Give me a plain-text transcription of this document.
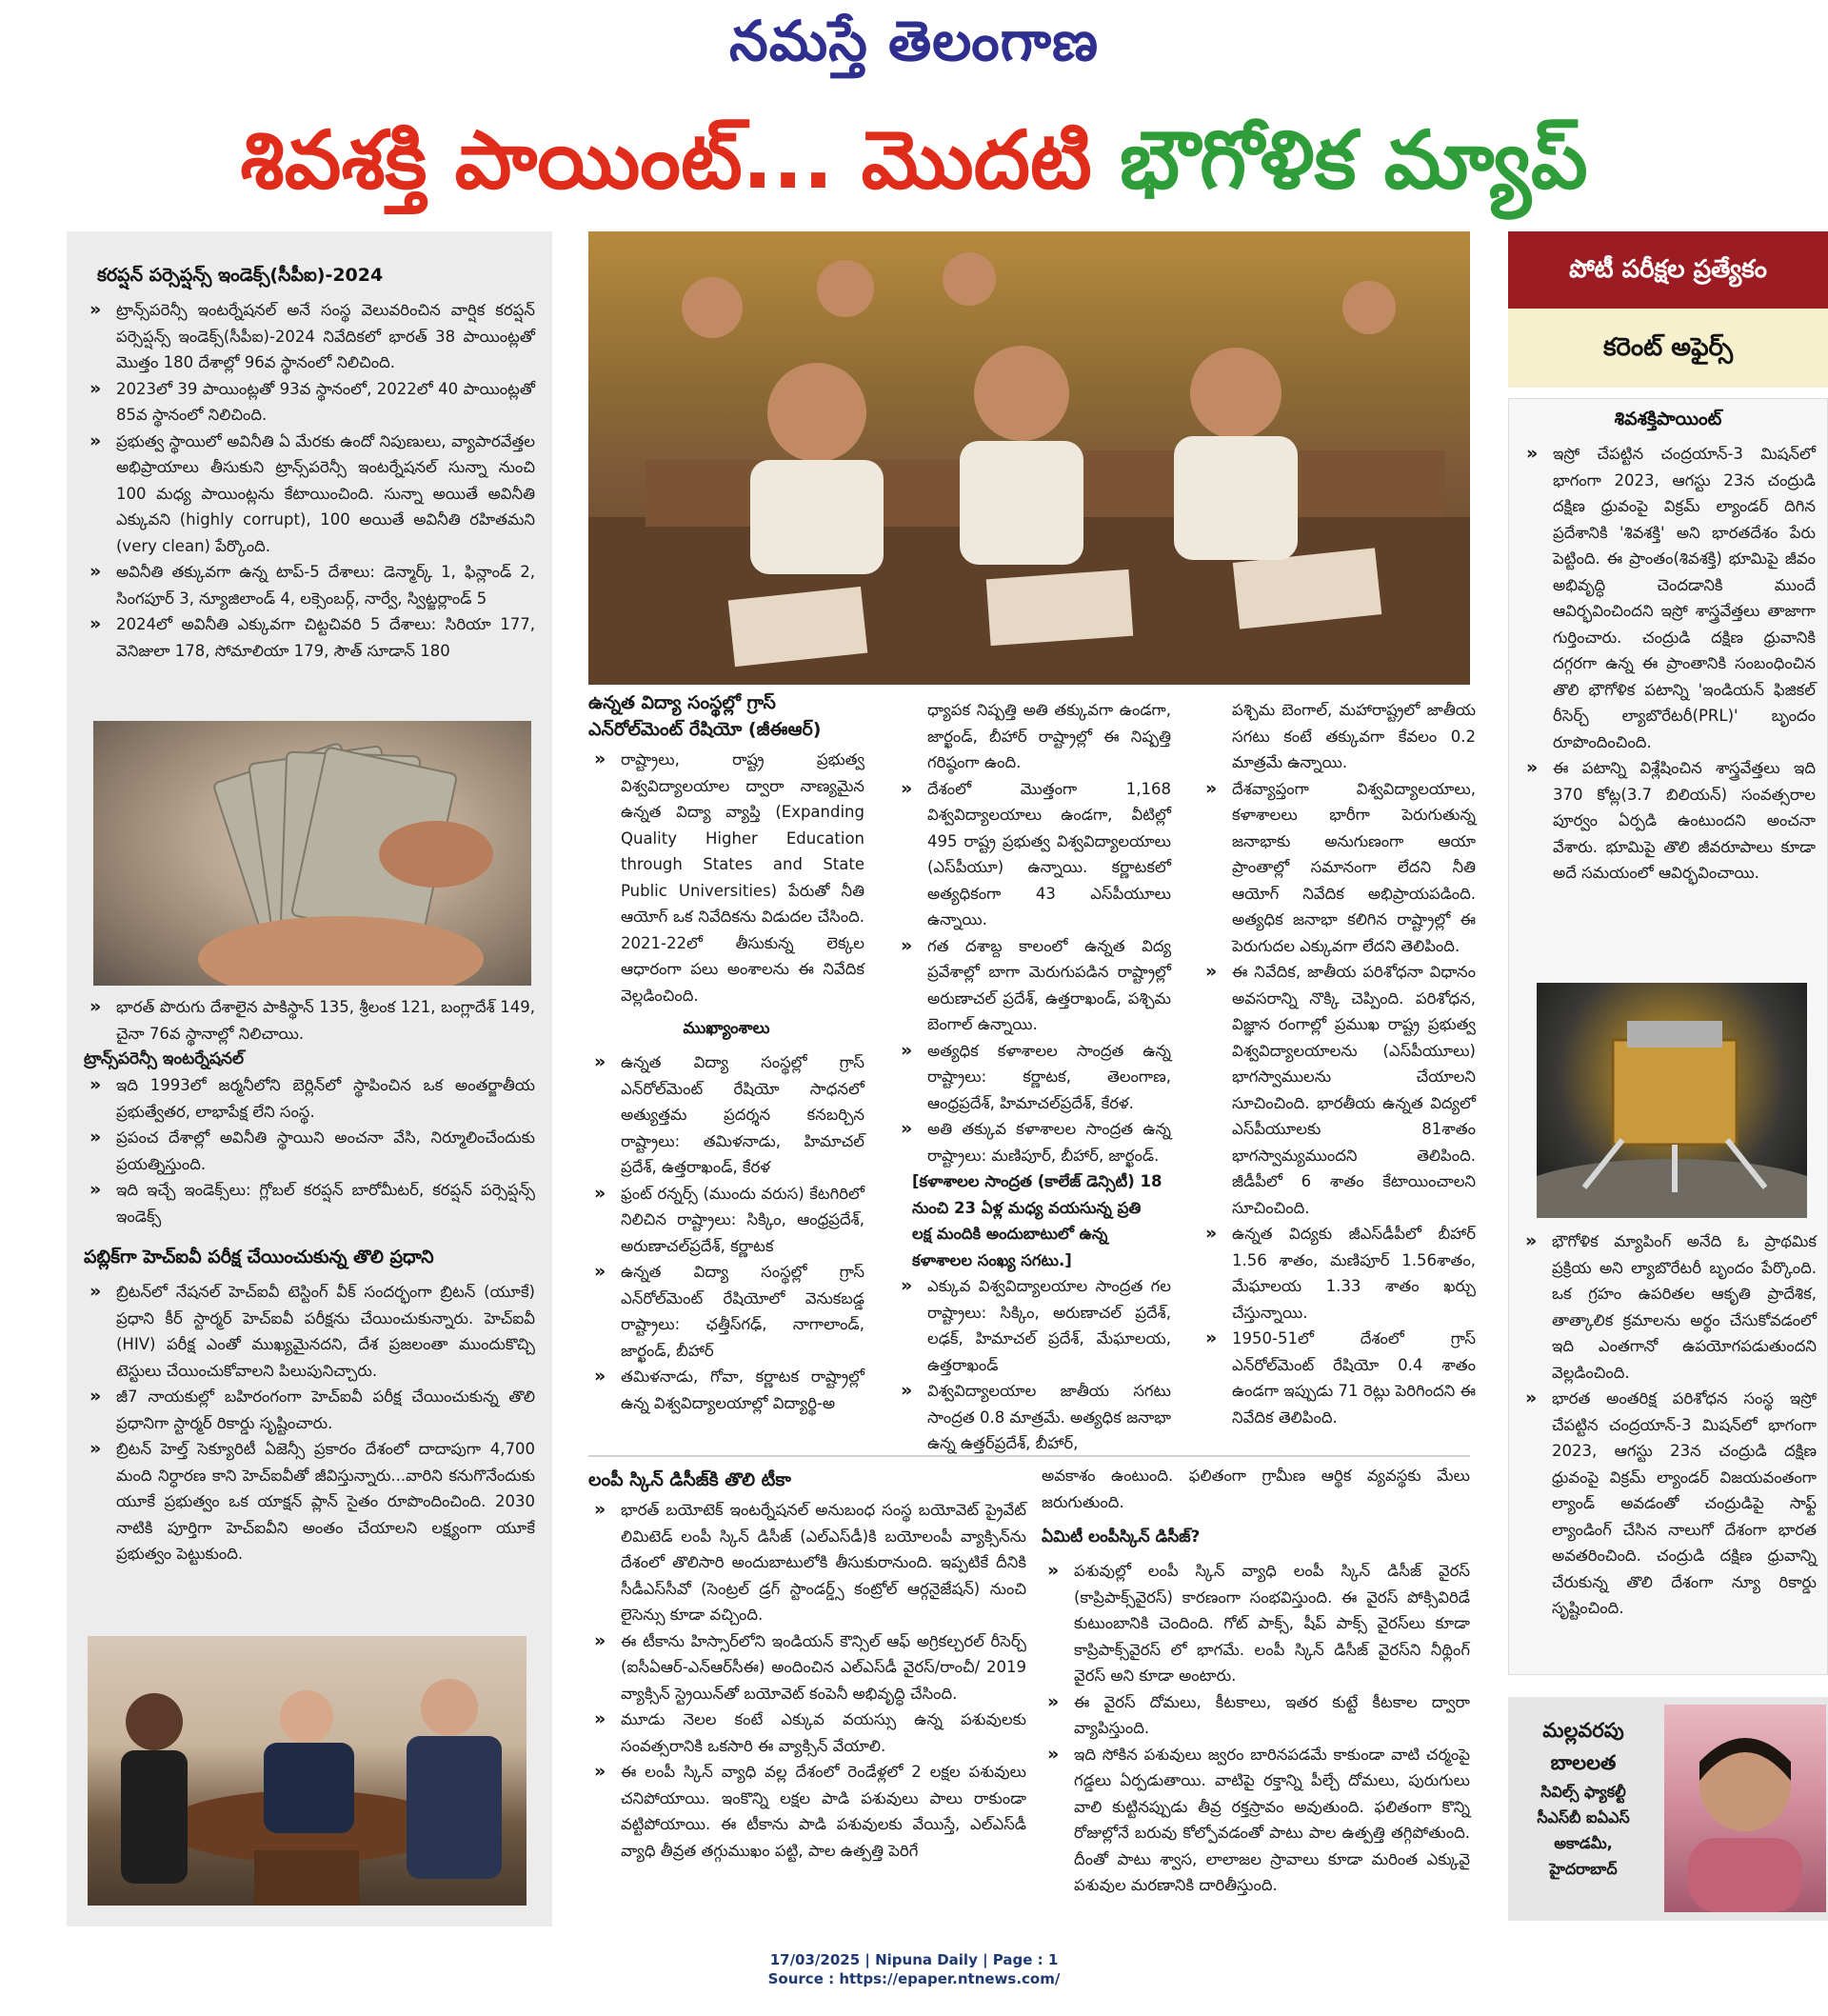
నమస్తే తెలంగాణ
శివశక్తి పాయింట్... మొదటి భౌగోళిక మ్యాప్
కరప్షన్ పర్సెప్షన్స్ ఇండెక్స్(సీపీఐ)-2024
» ట్రాన్స్‌పరెన్సీ ఇంటర్నేషనల్ అనే సంస్థ వెలువరించిన వార్షిక కరప్షన్ పర్సెప్షన్స్ ఇండెక్స్(సీపీఐ)-2024 నివేదికలో భారత్ 38 పాయింట్లతో మొత్తం 180 దేశాల్లో 96వ స్థానంలో నిలిచింది.
» 2023లో 39 పాయింట్లతో 93వ స్థానంలో, 2022లో 40 పాయింట్లతో 85వ స్థానంలో నిలిచింది.
» ప్రభుత్వ స్థాయిలో అవినీతి ఏ మేరకు ఉందో నిపుణులు, వ్యాపారవేత్తల అభిప్రాయాలు తీసుకుని ట్రాన్స్‌పరెన్సీ ఇంటర్నేషనల్ సున్నా నుంచి 100 మధ్య పాయింట్లను కేటాయించింది. సున్నా అయితే అవినీతి ఎక్కువని (highly corrupt), 100 అయితే అవినీతి రహితమని (very clean) పేర్కొంది.
» అవినీతి తక్కువగా ఉన్న టాప్-5 దేశాలు: డెన్మార్క్ 1, ఫిన్లాండ్ 2, సింగపూర్ 3, న్యూజిలాండ్ 4, లక్సెంబర్గ్, నార్వే, స్విట్జర్లాండ్ 5
» 2024లో అవినీతి ఎక్కువగా చిట్టచివరి 5 దేశాలు: సిరియా 177, వెనిజులా 178, సోమాలియా 179, సౌత్ సూడాన్ 180
» భారత్ పొరుగు దేశాలైన పాకిస్థాన్ 135, శ్రీలంక 121, బంగ్లాదేశ్ 149, చైనా 76వ స్థానాల్లో నిలిచాయి.
ట్రాన్స్‌పరెన్సీ ఇంటర్నేషనల్
» ఇది 1993లో జర్మనీలోని బెర్లిన్‌లో స్థాపించిన ఒక అంతర్జాతీయ ప్రభుత్వేతర, లాభాపేక్ష లేని సంస్థ.
» ప్రపంచ దేశాల్లో అవినీతి స్థాయిని అంచనా వేసి, నిర్మూలించేందుకు ప్రయత్నిస్తుంది.
» ఇది ఇచ్చే ఇండెక్స్‌లు: గ్లోబల్ కరప్షన్ బారోమీటర్, కరప్షన్ పర్సెప్షన్స్ ఇండెక్స్
పబ్లిక్‌గా హెచ్‌ఐవీ పరీక్ష చేయించుకున్న తొలి ప్రధాని
» బ్రిటన్‌లో నేషనల్ హెచ్‌ఐవీ టెస్టింగ్ వీక్ సందర్భంగా బ్రిటన్ (యూకే) ప్రధాని కీర్ స్టార్మర్ హెచ్‌ఐవీ పరీక్షను చేయించుకున్నారు. హెచ్‌ఐవీ (HIV) పరీక్ష ఎంతో ముఖ్యమైనదని, దేశ ప్రజలంతా ముందుకొచ్చి టెస్టులు చేయించుకోవాలని పిలుపునిచ్చారు.
» జీ7 నాయకుల్లో బహిరంగంగా హెచ్‌ఐవీ పరీక్ష చేయించుకున్న తొలి ప్రధానిగా స్టార్మర్ రికార్డు సృష్టించారు.
» బ్రిటన్ హెల్త్ సెక్యూరిటీ ఏజెన్సీ ప్రకారం దేశంలో దాదాపుగా 4,700 మంది నిర్ధారణ కాని హెచ్‌ఐవీతో జీవిస్తున్నారు...వారిని కనుగొనేందుకు యూకే ప్రభుత్వం ఒక యాక్షన్ ప్లాన్ సైతం రూపొందించింది. 2030 నాటికి పూర్తిగా హెచ్‌ఐవీని అంతం చేయాలని లక్ష్యంగా యూకే ప్రభుత్వం పెట్టుకుంది.
ఉన్నత విద్యా సంస్థల్లో గ్రాస్ ఎన్‌రోల్‌మెంట్ రేషియో (జీఈఆర్)
» రాష్ట్రాలు, రాష్ట్ర ప్రభుత్వ విశ్వవిద్యాలయాల ద్వారా నాణ్యమైన ఉన్నత విద్యా వ్యాప్తి (Expanding Quality Higher Education through States and State Public Universities) పేరుతో నీతి ఆయోగ్ ఒక నివేదికను విడుదల చేసింది. 2021-22లో తీసుకున్న లెక్కల ఆధారంగా పలు అంశాలను ఈ నివేదిక వెల్లడించింది.
ముఖ్యాంశాలు
» ఉన్నత విద్యా సంస్థల్లో గ్రాస్ ఎన్‌రోల్‌మెంట్ రేషియో సాధనలో అత్యుత్తమ ప్రదర్శన కనబర్చిన రాష్ట్రాలు: తమిళనాడు, హిమాచల్ ప్రదేశ్, ఉత్తరాఖండ్, కేరళ
» ఫ్రంట్ రన్నర్స్ (ముందు వరుస) కేటగిరిలో నిలిచిన రాష్ట్రాలు: సిక్కిం, ఆంధ్రప్రదేశ్, అరుణాచల్‌ప్రదేశ్, కర్ణాటక
» ఉన్నత విద్యా సంస్థల్లో గ్రాస్ ఎన్‌రోల్‌మెంట్ రేషియోలో వెనుకబడ్డ రాష్ట్రాలు: ఛత్తీస్‌గఢ్, నాగాలాండ్, జార్ఖండ్, బీహార్
» తమిళనాడు, గోవా, కర్ణాటక రాష్ట్రాల్లో ఉన్న విశ్వవిద్యాలయాల్లో విద్యార్థి-అ
ధ్యాపక నిష్పత్తి అతి తక్కువగా ఉండగా, జార్ఖండ్, బీహార్ రాష్ట్రాల్లో ఈ నిష్పత్తి గరిష్ఠంగా ఉంది.
» దేశంలో మొత్తంగా 1,168 విశ్వవిద్యాలయాలు ఉండగా, వీటిల్లో 495 రాష్ట్ర ప్రభుత్వ విశ్వవిద్యాలయాలు (ఎస్‌పీయూ) ఉన్నాయి. కర్ణాటకలో అత్యధికంగా 43 ఎస్‌పీయూలు ఉన్నాయి.
» గత దశాబ్ద కాలంలో ఉన్నత విద్య ప్రవేశాల్లో బాగా మెరుగుపడిన రాష్ట్రాల్లో అరుణాచల్ ప్రదేశ్, ఉత్తరాఖండ్, పశ్చిమ బెంగాల్ ఉన్నాయి.
» అత్యధిక కళాశాలల సాంద్రత ఉన్న రాష్ట్రాలు: కర్ణాటక, తెలంగాణ, ఆంధ్రప్రదేశ్, హిమాచల్‌ప్రదేశ్, కేరళ.
» అతి తక్కువ కళాశాలల సాంద్రత ఉన్న రాష్ట్రాలు: మణిపూర్, బీహార్, జార్ఖండ్.
[కళాశాలల సాంద్రత (కాలేజ్ డెన్సిటీ) 18 నుంచి 23 ఏళ్ల మధ్య వయసున్న ప్రతి లక్ష మందికి అందుబాటులో ఉన్న కళాశాలల సంఖ్య సగటు.]
» ఎక్కువ విశ్వవిద్యాలయాల సాంద్రత గల రాష్ట్రాలు: సిక్కిం, అరుణాచల్ ప్రదేశ్, లఢక్, హిమాచల్ ప్రదేశ్, మేఘాలయ, ఉత్తరాఖండ్
» విశ్వవిద్యాలయాల జాతీయ సగటు సాంద్రత 0.8 మాత్రమే. అత్యధిక జనాభా ఉన్న ఉత్తర్‌ప్రదేశ్, బీహార్,
పశ్చిమ బెంగాల్, మహారాష్ట్రలో జాతీయ సగటు కంటే తక్కువగా కేవలం 0.2 మాత్రమే ఉన్నాయి.
» దేశవ్యాప్తంగా విశ్వవిద్యాలయాలు, కళాశాలలు భారీగా పెరుగుతున్న జనాభాకు అనుగుణంగా ఆయా ప్రాంతాల్లో సమానంగా లేదని నీతి ఆయోగ్ నివేదిక అభిప్రాయపడింది. అత్యధిక జనాభా కలిగిన రాష్ట్రాల్లో ఈ పెరుగుదల ఎక్కువగా లేదని తెలిపింది.
» ఈ నివేదిక, జాతీయ పరిశోధనా విధానం అవసరాన్ని నొక్కి చెప్పింది. పరిశోధన, విజ్ఞాన రంగాల్లో ప్రముఖ రాష్ట్ర ప్రభుత్వ విశ్వవిద్యాలయాలను (ఎస్‌పీయూలు) భాగస్వాములను చేయాలని సూచించింది. భారతీయ ఉన్నత విద్యలో ఎస్‌పీయూలకు 81శాతం భాగస్వామ్యముందని తెలిపింది. జీడీపీలో 6 శాతం కేటాయించాలని సూచించింది.
» ఉన్నత విద్యకు జీఎస్‌డీపీలో బీహార్ 1.56 శాతం, మణిపూర్ 1.56శాతం, మేఘాలయ 1.33 శాతం ఖర్చు చేస్తున్నాయి.
» 1950-51లో దేశంలో గ్రాస్ ఎన్‌రోల్‌మెంట్ రేషియో 0.4 శాతం ఉండగా ఇప్పుడు 71 రెట్లు పెరిగిందని ఈ నివేదిక తెలిపింది.
లంపీ స్కిన్ డిసీజ్‌కి తొలి టీకా
» భారత్ బయోటెక్ ఇంటర్నేషనల్ అనుబంధ సంస్థ బయోవెట్ ప్రైవేట్ లిమిటెడ్ లంపీ స్కిన్ డిసీజ్ (ఎల్‌ఎస్‌డీ)కి బయోలంపీ వ్యాక్సిన్‌ను దేశంలో తొలిసారి అందుబాటులోకి తీసుకురానుంది. ఇప్పటికే దీనికి సీడీఎస్‌సీవో (సెంట్రల్ డ్రగ్ స్టాండర్డ్స్ కంట్రోల్ ఆర్గనైజేషన్) నుంచి లైసెన్సు కూడా వచ్చింది.
» ఈ టీకాను హిస్సార్‌లోని ఇండియన్ కౌన్సిల్ ఆఫ్ అగ్రికల్చరల్ రీసెర్చ్ (ఐసీఏఆర్-ఎన్ఆర్‌సీఈ) అందించిన ఎల్ఎస్‌డీ వైరస్/రాంచీ/ 2019 వ్యాక్సిన్ స్ట్రెయిన్‌తో బయోవెట్ కంపెనీ అభివృద్ధి చేసింది.
» మూడు నెలల కంటే ఎక్కువ వయస్సు ఉన్న పశువులకు సంవత్సరానికి ఒకసారి ఈ వ్యాక్సిన్ వేయాలి.
» ఈ లంపీ స్కిన్ వ్యాధి వల్ల దేశంలో రెండేళ్లలో 2 లక్షల పశువులు చనిపోయాయి. ఇంకొన్ని లక్షల పాడి పశువులు పాలు రాకుండా వట్టిపోయాయి. ఈ టీకాను పాడి పశువులకు వేయిస్తే, ఎల్‌ఎస్‌డీ వ్యాధి తీవ్రత తగ్గుముఖం పట్టి, పాల ఉత్పత్తి పెరిగే
అవకాశం ఉంటుంది. ఫలితంగా గ్రామీణ ఆర్థిక వ్యవస్థకు మేలు జరుగుతుంది.
ఏమిటీ లంపీస్కిన్ డిసీజ్?
» పశువుల్లో లంపీ స్కిన్ వ్యాధి లంపీ స్కిన్ డిసీజ్ వైరస్ (కాప్రిపాక్స్‌వైరస్) కారణంగా సంభవిస్తుంది. ఈ వైరస్ పోక్సివిరిడే కుటుంబానికి చెందింది. గోట్ పాక్స్, షీప్ పాక్స్ వైరస్‌లు కూడా కాప్రిపాక్స్‌వైరస్ లో భాగమే. లంపీ స్కిన్ డిసీజ్ వైరస్‌ని నీథ్లింగ్ వైరస్ అని కూడా అంటారు.
» ఈ వైరస్ దోమలు, కీటకాలు, ఇతర కుట్టే కీటకాల ద్వారా వ్యాపిస్తుంది.
» ఇది సోకిన పశువులు జ్వరం బారినపడమే కాకుండా వాటి చర్మంపై గడ్డలు ఏర్పడుతాయి. వాటిపై రక్తాన్ని పీల్చే దోమలు, పురుగులు వాలి కుట్టినప్పుడు తీవ్ర రక్తస్రావం అవుతుంది. ఫలితంగా కొన్ని రోజుల్లోనే బరువు కోల్పోవడంతో పాటు పాల ఉత్పత్తి తగ్గిపోతుంది. దీంతో పాటు శ్వాస, లాలాజల స్రావాలు కూడా మరింత ఎక్కువై పశువుల మరణానికి దారితీస్తుంది.
పోటీ పరీక్షల ప్రత్యేకం
కరెంట్ అఫైర్స్
శివశక్తిపాయింట్
» ఇస్రో చేపట్టిన చంద్రయాన్-3 మిషన్‌లో భాగంగా 2023, ఆగస్టు 23న చంద్రుడి దక్షిణ ధ్రువంపై విక్రమ్ ల్యాండర్ దిగిన ప్రదేశానికి 'శివశక్తి' అని భారతదేశం పేరు పెట్టింది. ఈ ప్రాంతం(శివశక్తి) భూమిపై జీవం అభివృద్ధి చెందడానికి ముందే ఆవిర్భవించిందని ఇస్రో శాస్త్రవేత్తలు తాజాగా గుర్తించారు. చంద్రుడి దక్షిణ ధ్రువానికి దగ్గరగా ఉన్న ఈ ప్రాంతానికి సంబంధించిన తొలి భౌగోళిక పటాన్ని 'ఇండియన్ ఫిజికల్ రీసెర్చ్ ల్యాబొరేటరీ(PRL)' బృందం రూపొందించింది.
» ఈ పటాన్ని విశ్లేషించిన శాస్త్రవేత్తలు ఇది 370 కోట్ల(3.7 బిలియన్) సంవత్సరాల పూర్వం ఏర్పడి ఉంటుందని అంచనా వేశారు. భూమిపై తొలి జీవరూపాలు కూడా అదే సమయంలో ఆవిర్భవించాయి.
» భౌగోళిక మ్యాపింగ్ అనేది ఓ ప్రాథమిక ప్రక్రియ అని ల్యాబొరేటరీ బృందం పేర్కొంది. ఒక గ్రహం ఉపరితల ఆకృతి ప్రాదేశిక, తాత్కాలిక క్రమాలను అర్థం చేసుకోవడంలో ఇది ఎంతగానో ఉపయోగపడుతుందని వెల్లడించింది.
» భారత అంతరిక్ష పరిశోధన సంస్థ ఇస్రో చేపట్టిన చంద్రయాన్-3 మిషన్‌లో భాగంగా 2023, ఆగస్టు 23న చంద్రుడి దక్షిణ ధ్రువంపై విక్రమ్ ల్యాండర్ విజయవంతంగా ల్యాండ్ అవడంతో చంద్రుడిపై సాఫ్ట్ ల్యాండింగ్ చేసిన నాలుగో దేశంగా భారత అవతరించింది. చంద్రుడి దక్షిణ ధ్రువాన్ని చేరుకున్న తొలి దేశంగా న్యూ రికార్డు సృష్టించింది.
మల్లవరపు
బాలలత
సివిల్స్ ఫ్యాకల్టీ
సీఎస్‌బీ ఐఏఎస్
అకాడమీ,
హైదరాబాద్
17/03/2025 | Nipuna Daily | Page : 1
Source : https://epaper.ntnews.com/
